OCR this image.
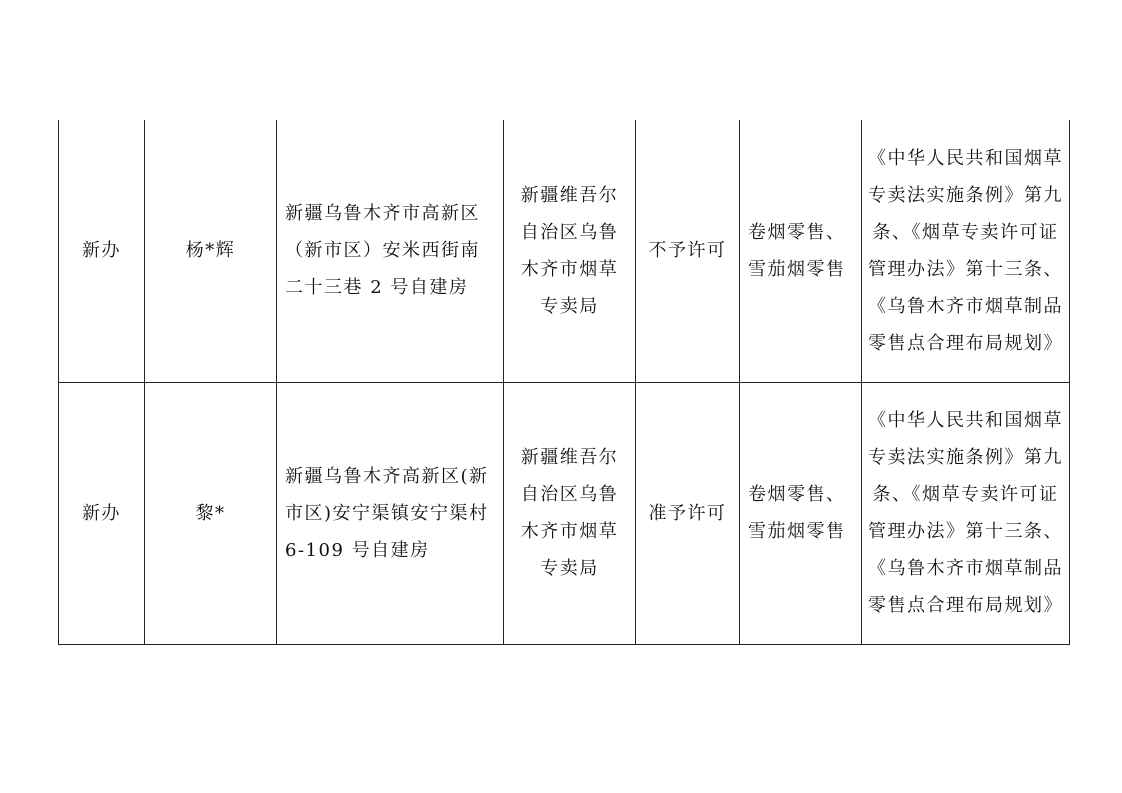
新办	杨*辉	新疆乌鲁木齐市高新区（新市区）安米西街南二十三巷 2 号自建房	新疆维吾尔自治区乌鲁木齐市烟草专卖局	不予许可	卷烟零售、雪茄烟零售	《中华人民共和国烟草专卖法实施条例》第九条、《烟草专卖许可证管理办法》第十三条、《乌鲁木齐市烟草制品零售点合理布局规划》

新办	黎*	新疆乌鲁木齐高新区(新市区)安宁渠镇安宁渠村 6-109 号自建房	新疆维吾尔自治区乌鲁木齐市烟草专卖局	准予许可	卷烟零售、雪茄烟零售	《中华人民共和国烟草专卖法实施条例》第九条、《烟草专卖许可证管理办法》第十三条、《乌鲁木齐市烟草制品零售点合理布局规划》
